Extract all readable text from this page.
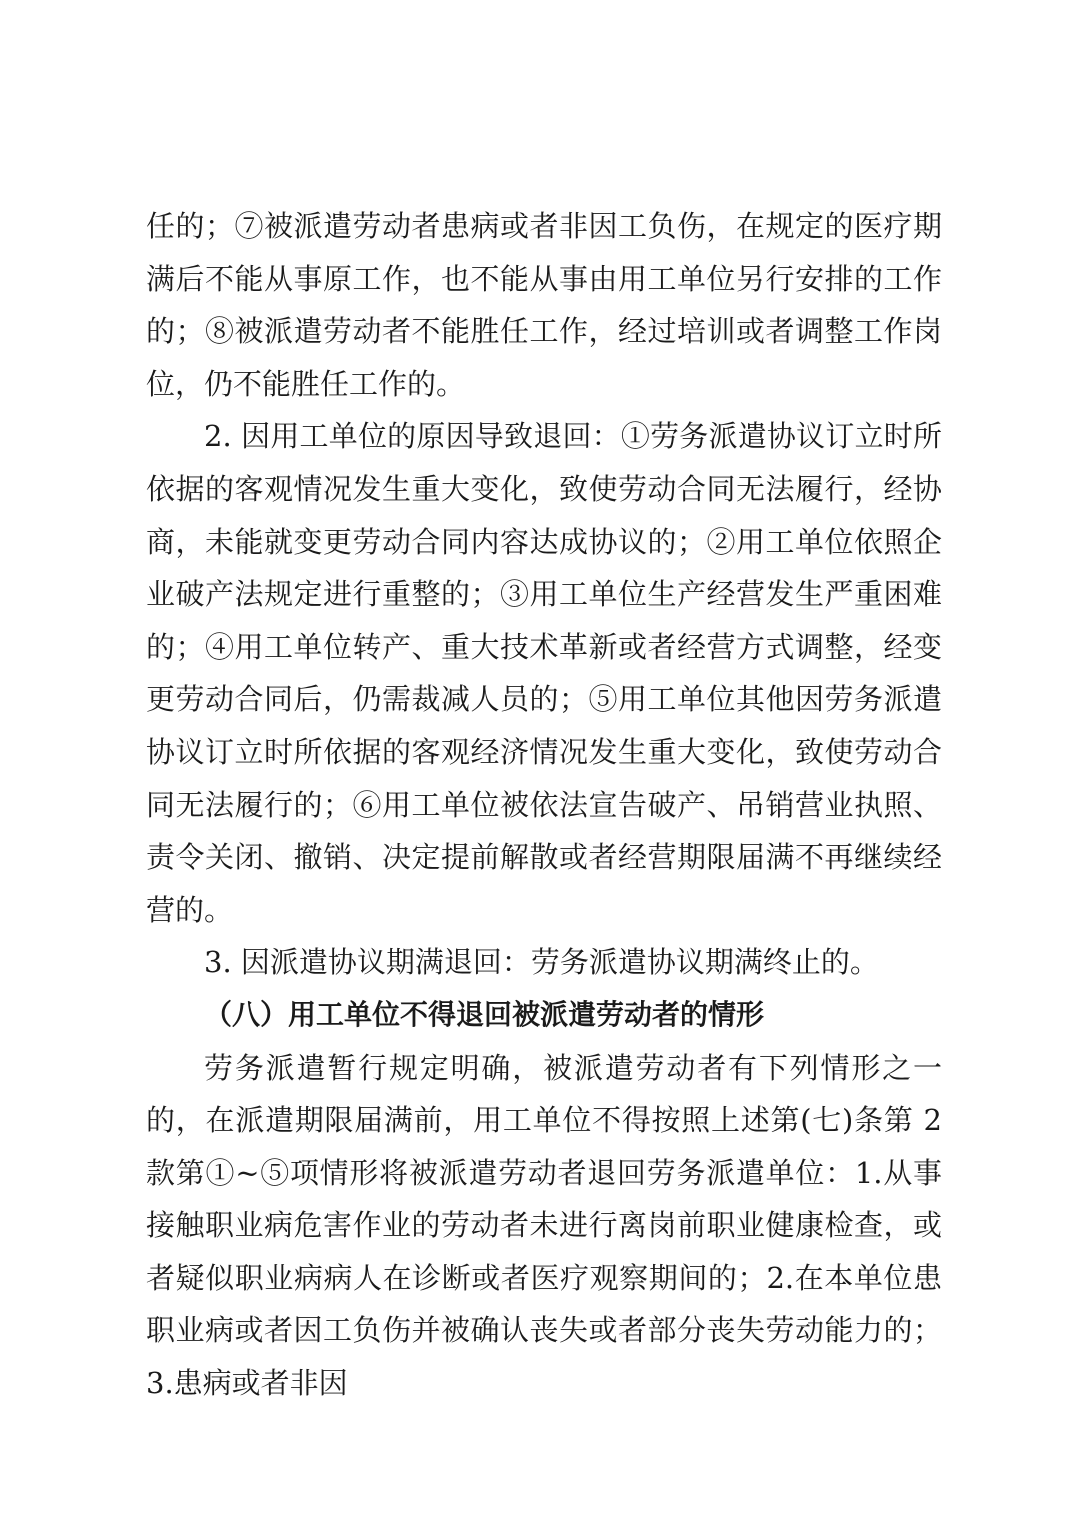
任的；⑦被派遣劳动者患病或者非因工负伤，在规定的医疗期满后不能从事原工作，也不能从事由用工单位另行安排的工作的；⑧被派遣劳动者不能胜任工作，经过培训或者调整工作岗位，仍不能胜任工作的。

2. 因用工单位的原因导致退回：①劳务派遣协议订立时所依据的客观情况发生重大变化，致使劳动合同无法履行，经协商，未能就变更劳动合同内容达成协议的；②用工单位依照企业破产法规定进行重整的；③用工单位生产经营发生严重困难的；④用工单位转产、重大技术革新或者经营方式调整，经变更劳动合同后，仍需裁减人员的；⑤用工单位其他因劳务派遣协议订立时所依据的客观经济情况发生重大变化，致使劳动合同无法履行的；⑥用工单位被依法宣告破产、吊销营业执照、责令关闭、撤销、决定提前解散或者经营期限届满不再继续经营的。

3. 因派遣协议期满退回：劳务派遣协议期满终止的。

（八）用工单位不得退回被派遣劳动者的情形

劳务派遣暂行规定明确，被派遣劳动者有下列情形之一的，在派遣期限届满前，用工单位不得按照上述第(七)条第 2 款第①~⑤项情形将被派遣劳动者退回劳务派遣单位：1.从事接触职业病危害作业的劳动者未进行离岗前职业健康检查，或者疑似职业病病人在诊断或者医疗观察期间的；2.在本单位患职业病或者因工负伤并被确认丧失或者部分丧失劳动能力的；3.患病或者非因
